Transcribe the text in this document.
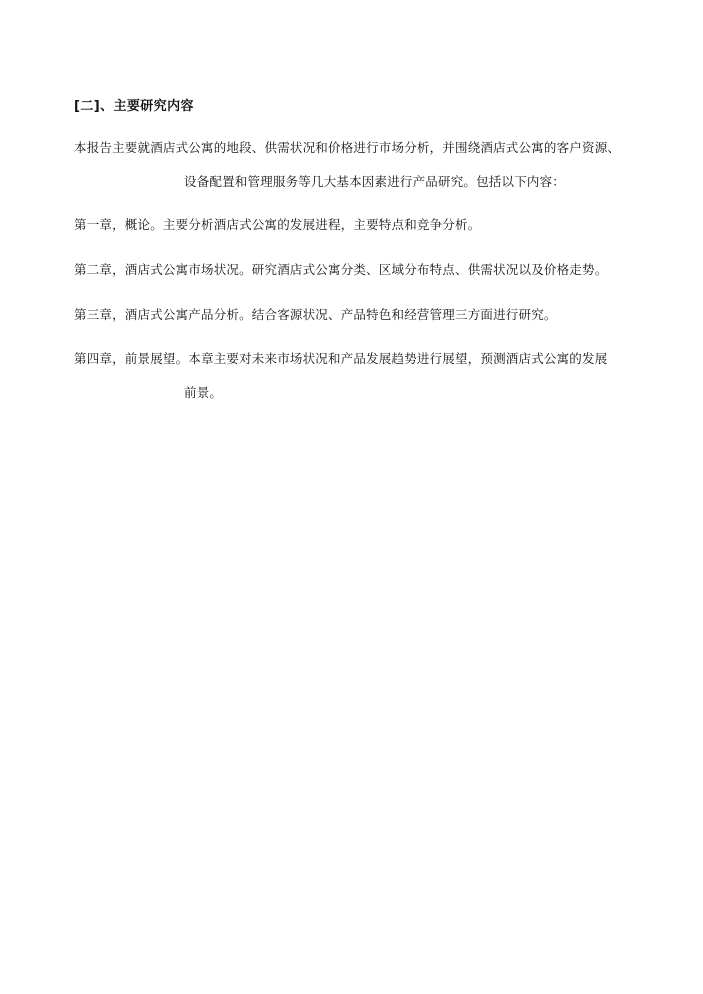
[二]、主要研究内容
本报告主要就酒店式公寓的地段、供需状况和价格进行市场分析，并围绕酒店式公寓的客户资源、
设备配置和管理服务等几大基本因素进行产品研究。包括以下内容：
第一章，概论。主要分析酒店式公寓的发展进程，主要特点和竞争分析。
第二章，酒店式公寓市场状况。研究酒店式公寓分类、区域分布特点、供需状况以及价格走势。
第三章，酒店式公寓产品分析。结合客源状况、产品特色和经营管理三方面进行研究。
第四章，前景展望。本章主要对未来市场状况和产品发展趋势进行展望，预测酒店式公寓的发展
前景。
